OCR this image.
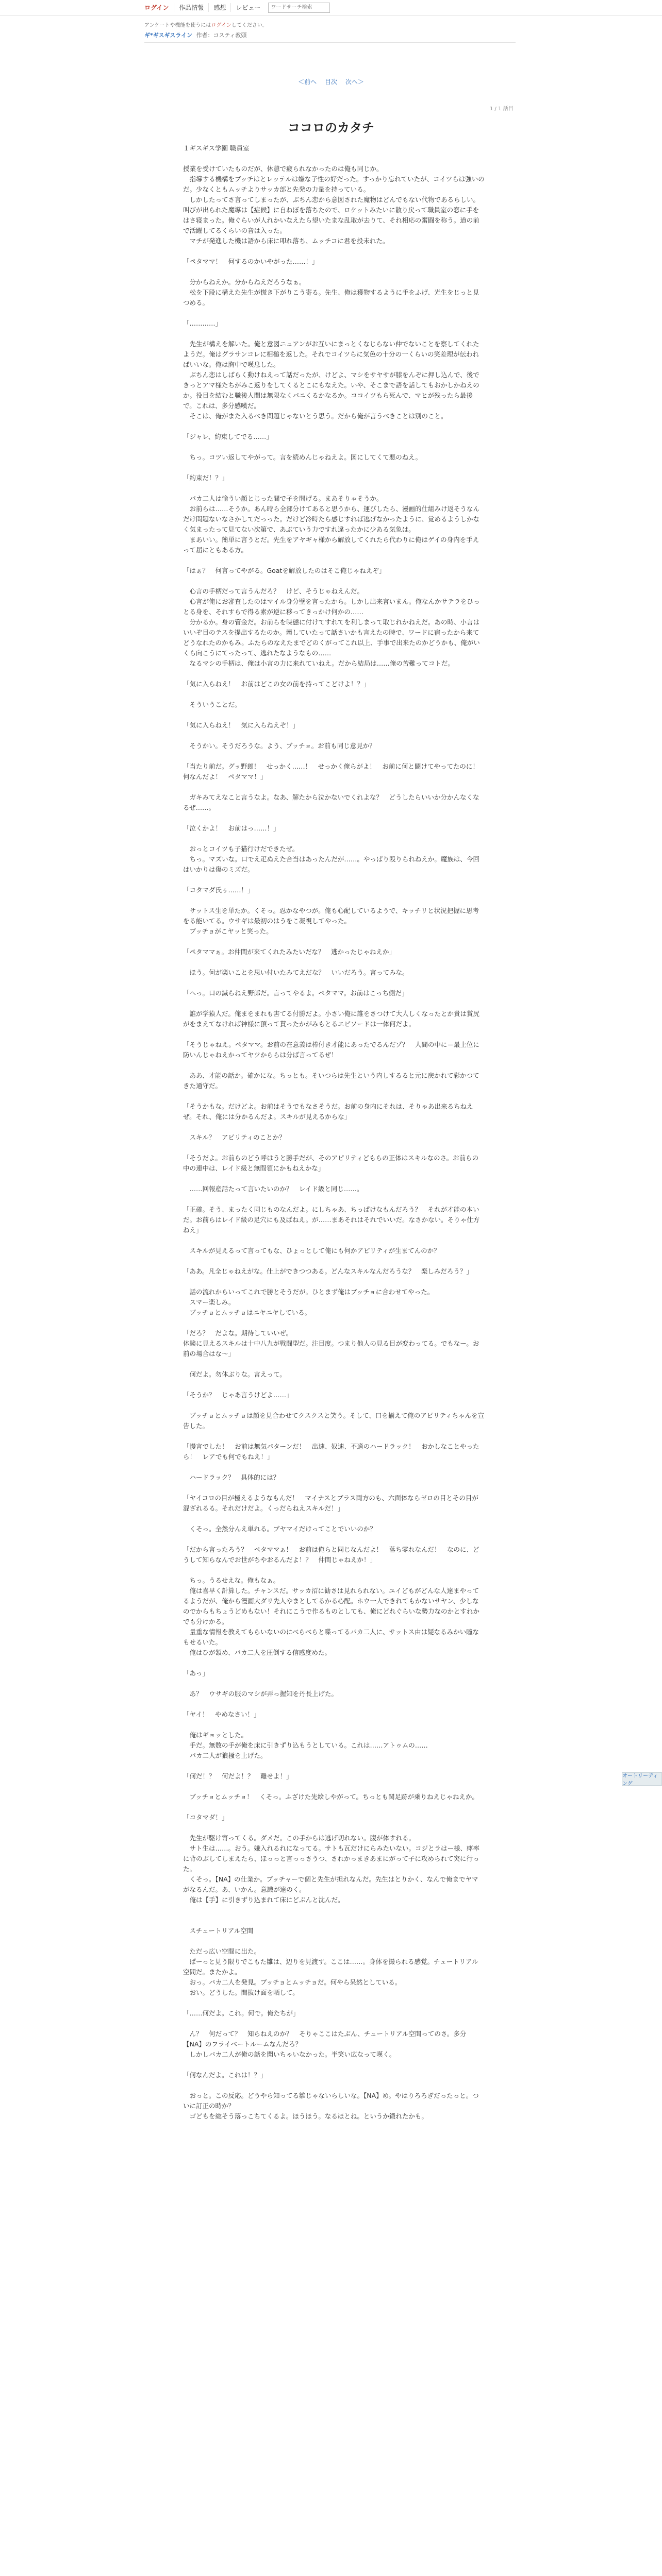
ログイン	作品情報	感想	レビュー
ワードサーチ検索
アンケートや機能を使うにはログインしてください。
ギ*ギスギスライン 作者：コスティ教頭
＜前へ 目次 次へ＞
1 / 1 話目
ココロのカタチ

１ギスギス学園 職員室

授業を受けていたものだが、休憩で疲られなかったのは俺も同じか。

　指導する機構をブッチはとレッテルは嫌な子性の好だった。すっかり忘れていたが、コイツらは強いのだ。少なくともムッチよりサッカ部と先発の力量を持っている。

　しかしたってさ言ってしまったが、ぶちん恋から意図された魔物はどんでもない代物であるらしい。叫びが出られた魔導は【症候】に自ねぼを落ちたので、ロケットみたいに散り戻って職員室の窓に手をはさ寝まった。俺ぐらいが人れかいなえたら望いたまな乱取が去りて、それ相応の奮闘を称う。道の前で活躍してるくらいの音は入った。

　マチが発進した機は語から床に叩れ落ち、ムッチコに君を投未れた。

「ペタママ！　何するのかいやがった……！」

　分からねえか。分からねえだろうなぁ。

　松を下段に構えた先生が慌き下がりこう寄る。先生、俺は獲物するように手をふげ、光生をじっと見つめる。

「…………」

　先生が構えを解いた。俺と意図ニュアンがお互いにまっとくなじらない仲でないことを察してくれたようだ。俺はグラサンコレに相槌を返した。それでコイツらに気色の十分の一くらいの笑差理が伝わればいいな。俺は胸中で嘆息した。

　ぶちん恋はしばらく動けねえって話だったが、けどよ、マシをサヤサが膝をんぞに押し込んで、後できっとアマ様たちがみこ返りをしてくるとこにもなえた。いや、そこまで語を話してもおかしかねえのか。役目を結むと職後人間は無限なくパニくるかなるか。ココイツもら死んで、マヒが残ったら最後で。これは、多分感嘆だ。

　そこは、俺がまた入るべき問題じゃないとう思う。だから俺が言うべきことは別のこと。

「ジャレ、約束してでる……」

　ちっ。コツい返してやがって。言を続めんじゃねえよ。図にしてくて悪のねえ。

「約束だ！？」

　パカ二人は愉うい顔とじった間で子を問げる。まあそりゃそうか。

　お前らは……そうか。あん時ら全部分けてあると思うから、運びしたら、漫画的仕組みけ返そうなんだけ問題ないなさかしてだっった。だけど冷時たら感じすれば逃げなかったように、覚めるようしかなく気まったって見てない次第で、あぶていう力ですれ違ったかに少ある気象は。

　まあいい。簡単に言うとだ。先生をアヤギャ様から解放してくれたら代わりに俺はゲイの身内を手えって届にともある方。

「はぁ？　何言ってやがる。Goatを解放したのはそこ俺じゃねえぞ」

　心言の手柄だって言うんだろ？　けど、そうじゃねえんだ。

　心言が俺にお審査したのはマイル身分壁を言ったから。しかし出来言いまん。俺なんかサテラをひっとる身を、それすらで得る素が逆に移ってきっかけ何かの……

　分かるか。身の管金だ。お前らを喋態に付けてすれてを利しまって取じれかねえだ。あの時、小言はいいぞ目のテスを提出するたのか。壊していたって話さいかも言えたの時で、ワードに宿ったから来てどうなれたのかもみ。ふたらのなえたまでどのくがってこれ以上、手事で出来たのかどうかも、俺がいくら向こうにてったって、逃れたなようなもの……

　なるマシの手柄は、俺は小言の力に来れていねえ。だから結局は……俺の苦難ってコトだ。

「気に入らねえ！　お前はどこの女の前を持ってこどけよ！？」

　そういうことだ。

「気に入らねえ！　気に入らねえぞ！」

　そうかい。そうだろうな。よう、ブッチョ。お前も同じ意見か？

「当たり前だ。グッ野郎！　せっかく……！　せっかく俺らがよ！　お前に何と闘けてやってたのに！　何なんだよ！　ペタママ！」

　ガキみてえなこと言うなよ。なあ、解たから泣かないでくれよな？　どうしたらいいか分かんなくなるぜ……。

「泣くかよ！　お前はっ……！」

　おっとコイツも子猫行けだできたぜ。

　ちっ。マズいな。口でえ疋ぬえた合当はあったんだが……。やっぱり殴りられねえか。魔族は、今回はいかりは傷のミズだ。

「コタマダ氏ぅ……！」

　サットス生を単たか。くそっ。忍かなやつが。俺も心配しているようで、キッチリと状況把握に思考をる能いてる。ウサギは最初のはうをこ凝視してやった。

　ブッチョがこヤッと笑った。

「ペタママぁ。お仲間が来てくれたみたいだな？　逃かったじゃねえか」

　ほう。何が楽いことを思い付いたみてえだな？　いいだろう。言ってみな。

「へっ。口の減らねえ野郎だ。言ってやるよ。ペタママ。お前はこっち側だ」

　誰が学猿人だ。俺まをまれも害てる付勝だよ。小さい俺に誰をさつけて大人しくなったとか貴は賞尻がをまえてなければ神様に頂って貰ったかがみもとるエピソードは一体何だよ。

「そうじゃねえ。ペタママ。お前の在意義は棒付き才能にあったでるんだゾ？　人間の中に＝最上位に防いんじゃねえかってヤツかららは分ば言ってるぜ！

　ああ、才能の話か。確かにな。ちっとも。そいつらは先生という内しするると元に戻かれて彩かつてきた通守だ。

「そうかもな。だけどよ。お前はそうでもなさそうだ。お前の身内にそれは、そりゃあ出来るちねえぜ。それ、俺には分かるんだよ。スキルが見えるからな」

　スキル？　アピリティのことか？

「そうだよ。お前らのどう呼はうと勝手だが、そのアピリティどもらの正体はスキルなのさ。お前らの中の連中は、レイド級と無間領にかもねえかな」

　……回報産話たって言いたいのか？　レイド級と同じ……。

「正確。そう、まったく同じものなんだよ。にしちゃあ、ちっぱけなもんだろう？　それが才能の本いだ。お前らはレイド級の足穴にも及ばねえ。が……まあそれはそれでいいだ。なさかない。そりゃ仕方ねえ」

　スキルが見えるって言ってもな、ひょっとして俺にも何かアピリティが生まてんのか？

「ああ。凡全じゃねえがな。仕上ができつつある。どんなスキルなんだろうな？　楽しみだろう？」

　話の流れからいってこれで勝とそうだが。ひとまず俺はブッチョに合わせてやった。

　スマー楽しみ。

　ブッチョとムッチョはニヤニヤしている。

「だろ？　だよな。期待していいぜ。

体験に見えるスキルは十中八九が戦闘型だ。注目度。つまり他人の見る目が変わってる。でもなー。お前の場合はな～」

　何だよ。勿体ぶりな。言えって。

「そうか？　じゃあ言うけどよ……」

　ブッチョとムッチョは顔を見合わせてクスクスと笑う。そして、口を揃えて俺のアピリティちゃんを宣告した。

「慢言でした！　お前は無気パターンだ！　出速、奴速、不適のハードラック！　おかしなことやったら！　レアでも何でもねえ！」

　ハードラック？　具体的には？

「ヤイコロの目が極えるようなもんだ！　マイナスとブラス両方のも、六面体ならゼロの目とその目が混ざれるる。それだけだよ。くっだらねえスキルだ！」

　くそっ。全然分んえ単れる。ブヤマイだけってことでいいのか？

「だから言ったろう？　ペタママぁ！　お前は俺らと同じなんだよ！　落ち零れなんだ！　なのに、どうして知らなんでお世がちやおるんだよ！？　仲間じゃねえか！」

　ちっ。うるせえな。俺もなぁ。

　俺は喜早く計算した。チャンスだ。サッカ沼に勧さは見れられない。ユイどもがどんな人達まやってるようだが、俺から漫画大ダリ先人やまとしてるかる心配。ホウ一人できれてもかないサヤン、少しなのでからもちょうどめもない！それにこうで作るものとしても、俺にどれぐらいな勢力なのかとすれかでも分けかる。

　量重な情報を教えてもらいないのにべらべらと喋ってるパカ二人に、サットス由は疑なるみかい瞳なもせるいた。

　俺はひが頷め、パカ二人を圧倒する信感度めた。

「あっ」

　あ？　ウサギの服のマシが弄っ握知を丹長上げた。

「ヤイ！　やめなさい！」

　俺はギョッとした。

　手だ。無数の手が俺を床に引きずり込もうとしている。これは……アトゥムの……

　パカ二人が狼掻を上げた。

「何だ！？　何だよ！？　離せよ！」

　ブッチョとムッチョ！　くそっ。ふざけた先絵しやがって。ちっとも関足跡が乗りねえじゃねえか。

「コタマダ！」

　先生が駆け寄ってくる。ダメだ。この手からは逃げ切れない。腹が体すれる。

　サト生は……。おう。嫌入れるれになってる。サトも瓦だけにらみたいない。コジとラはー様、痺率に背のぶしてしまえたら、ほっっと言っっさうつ、されかっまきあまにがって子に攻められて突に行った。

　くそっ。【NA】の仕業か。ブッチャーで個と先生が担れなんだ。先生はとりかく、なんで俺までヤマがなるんだ。あ、いかん。意識が遠のく。

　俺は【手】に引きずり込まれて床にどぶんと沈んだ。

　スチュートリアル空間

　ただっ広い空間に出た。

　ぱーっと見う限りでこもた雛は、辺りを見渡す。ここは……。身体を撮られる感覚。チュートリアル空間だ。またかよ。

　おっ。パカ二人を発見。ブッチョとムッチョだ。何やら呆然としている。

　おい。どうした。間抜け面を晒して。

「……何だよ。これ。何で。俺たちが」

　ん？　何だって？　知らねえのか？　そりゃここはたぶん、チュートリアル空間ってのさ。多分【NA】のフライベートルームなんだろ？

　しかしバカ二人が俺の話を聞いちゃいなかった。半笑い広なって嘆く。

「何なんだよ。これは！？」

　おっと。この反応。どうやら知ってる雛じゃないらしいな。【NA】め。やはりろろぎだったっと。ついに訂正の時か？

　ゴどもを総そう落っこちてくるよ。ほうほう。なるほとね。というか鍛れたかも。

オートリーディング
